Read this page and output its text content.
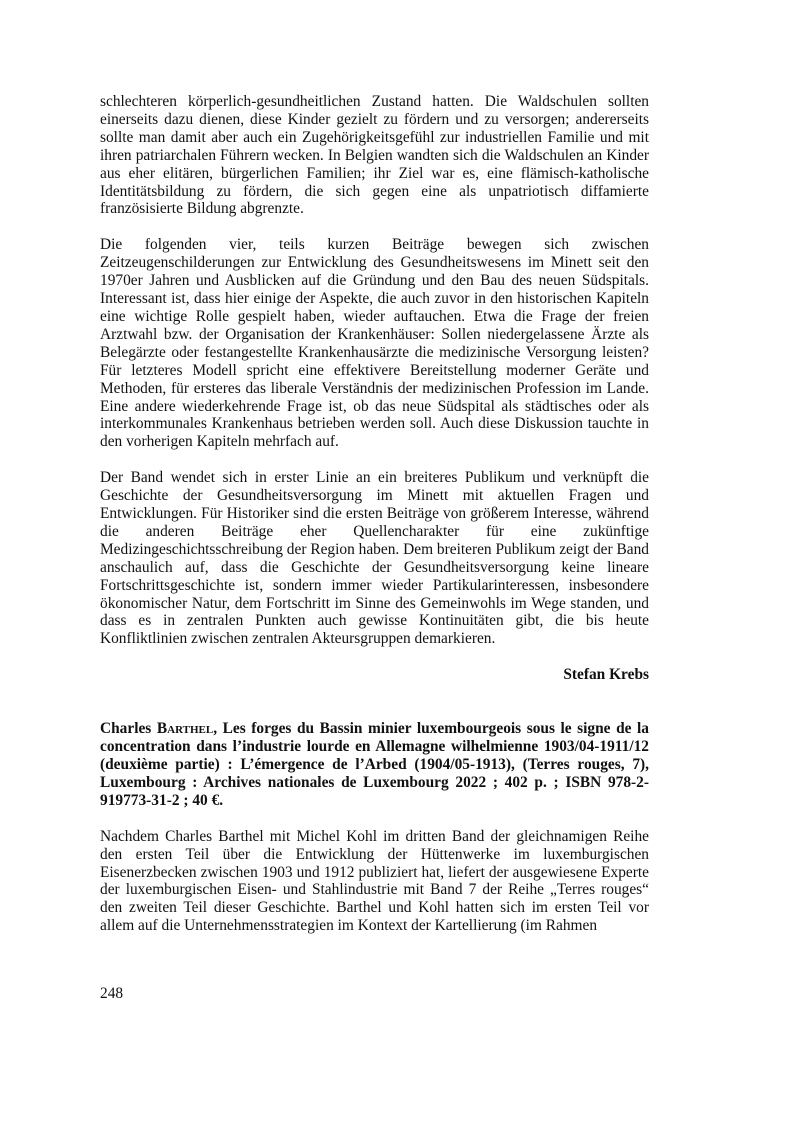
schlechteren körperlich-gesundheitlichen Zustand hatten. Die Waldschulen sollten einerseits dazu dienen, diese Kinder gezielt zu fördern und zu versorgen; andererseits sollte man damit aber auch ein Zugehörigkeitsgefühl zur industriellen Familie und mit ihren patriarchalen Führern wecken. In Belgien wandten sich die Waldschulen an Kinder aus eher elitären, bürgerlichen Familien; ihr Ziel war es, eine flämisch-katholische Identitätsbildung zu fördern, die sich gegen eine als unpatriotisch diffamierte französisierte Bildung abgrenzte.

Die folgenden vier, teils kurzen Beiträge bewegen sich zwischen Zeitzeugenschilderungen zur Entwicklung des Gesundheitswesens im Minett seit den 1970er Jahren und Ausblicken auf die Gründung und den Bau des neuen Südspitals. Interessant ist, dass hier einige der Aspekte, die auch zuvor in den historischen Kapiteln eine wichtige Rolle gespielt haben, wieder auftauchen. Etwa die Frage der freien Arztwahl bzw. der Organisation der Krankenhäuser: Sollen niedergelassene Ärzte als Belegärzte oder festangestellte Krankenhausärzte die medizinische Versorgung leisten? Für letzteres Modell spricht eine effektivere Bereitstellung moderner Geräte und Methoden, für ersteres das liberale Verständnis der medizinischen Profession im Lande. Eine andere wiederkehrende Frage ist, ob das neue Südspital als städtisches oder als interkommunales Krankenhaus betrieben werden soll. Auch diese Diskussion tauchte in den vorherigen Kapiteln mehrfach auf.

Der Band wendet sich in erster Linie an ein breiteres Publikum und verknüpft die Geschichte der Gesundheitsversorgung im Minett mit aktuellen Fragen und Entwicklungen. Für Historiker sind die ersten Beiträge von größerem Interesse, während die anderen Beiträge eher Quellencharakter für eine zukünftige Medizingeschichtsschreibung der Region haben. Dem breiteren Publikum zeigt der Band anschaulich auf, dass die Geschichte der Gesundheitsversorgung keine lineare Fortschrittsgeschichte ist, sondern immer wieder Partikularinteressen, insbesondere ökonomischer Natur, dem Fortschritt im Sinne des Gemeinwohls im Wege standen, und dass es in zentralen Punkten auch gewisse Kontinuitäten gibt, die bis heute Konfliktlinien zwischen zentralen Akteursgruppen demarkieren.

Stefan Krebs

Charles Barthel, Les forges du Bassin minier luxembourgeois sous le signe de la concentration dans l’industrie lourde en Allemagne wilhelmienne 1903/04-1911/12 (deuxième partie) : L’émergence de l’Arbed (1904/05-1913), (Terres rouges, 7), Luxembourg : Archives nationales de Luxembourg 2022 ; 402 p. ; ISBN 978-2-919773-31-2 ; 40 €.

Nachdem Charles Barthel mit Michel Kohl im dritten Band der gleichnamigen Reihe den ersten Teil über die Entwicklung der Hüttenwerke im luxemburgischen Eisenerzbecken zwischen 1903 und 1912 publiziert hat, liefert der ausgewiesene Experte der luxemburgischen Eisen- und Stahlindustrie mit Band 7 der Reihe „Terres rouges“ den zweiten Teil dieser Geschichte. Barthel und Kohl hatten sich im ersten Teil vor allem auf die Unternehmensstrategien im Kontext der Kartellierung (im Rahmen

248
